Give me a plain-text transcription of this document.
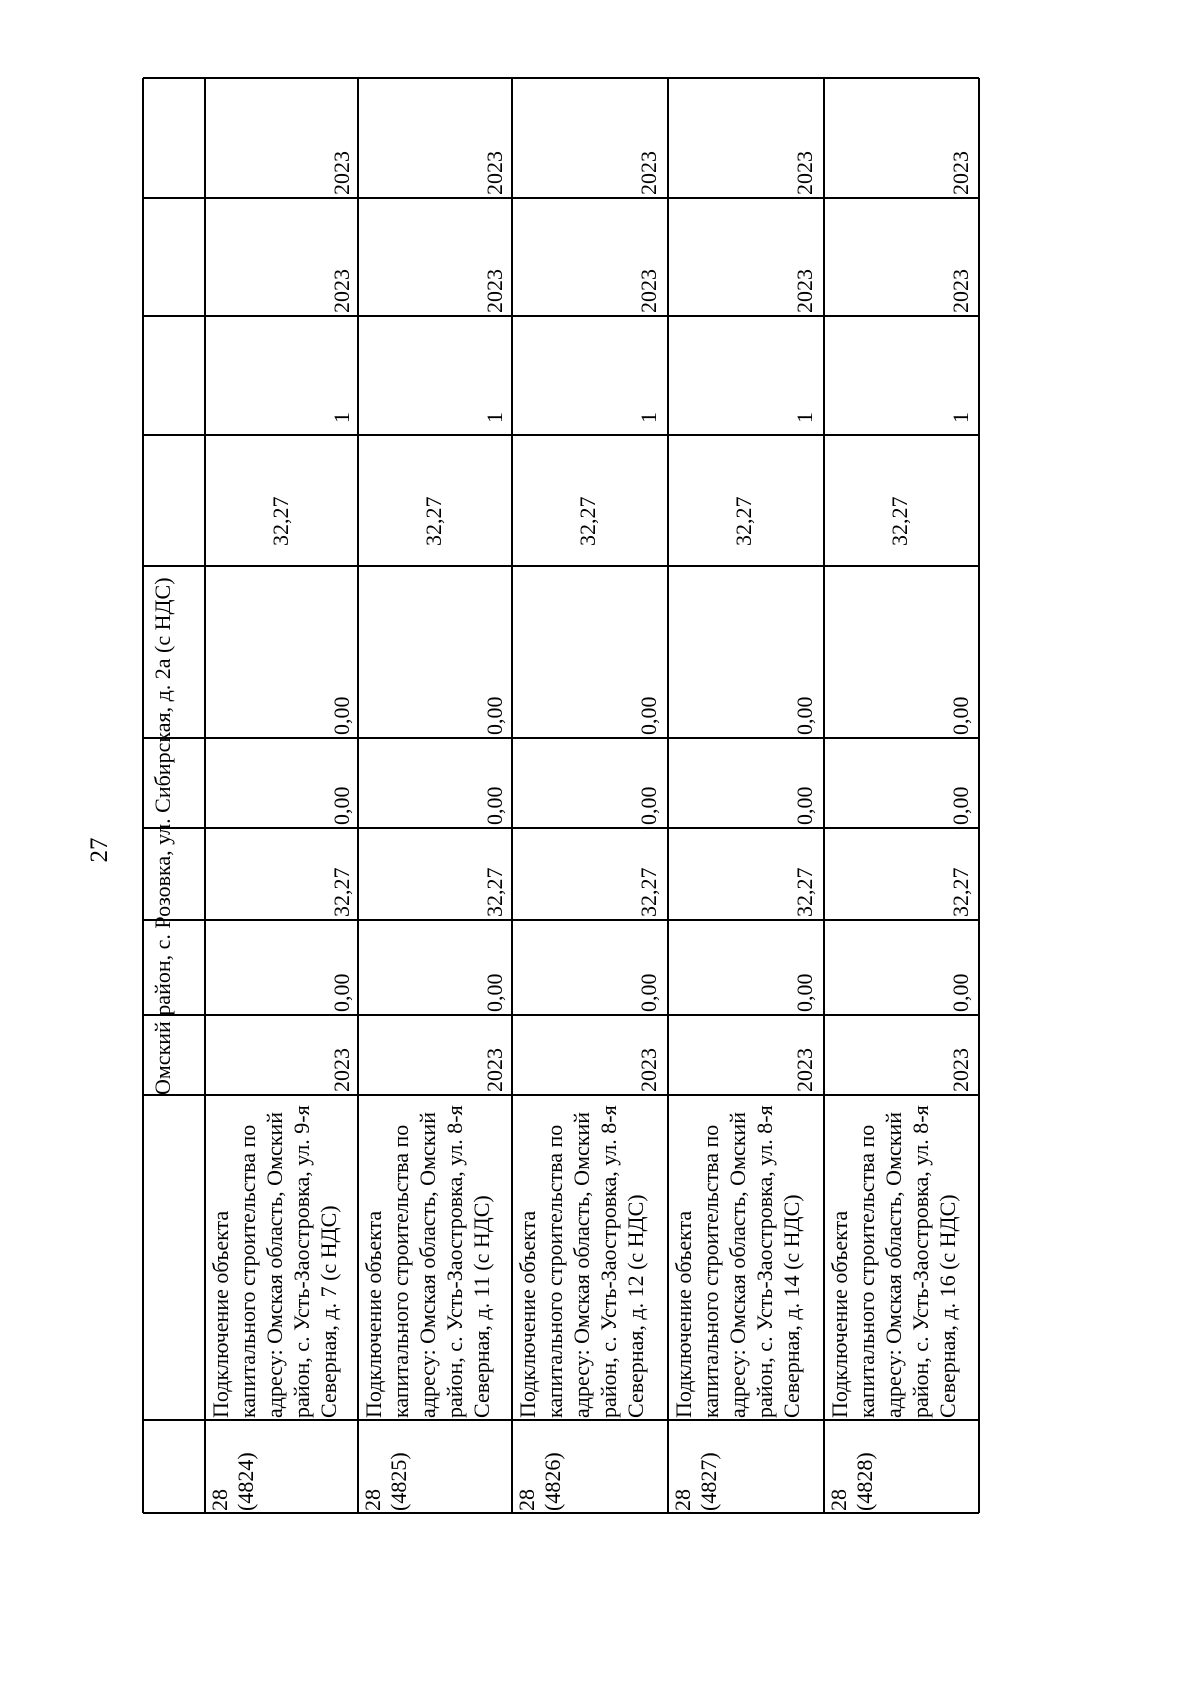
27	Омский район, с. Розовка, ул. Сибирская, д. 2а (с НДС)
28 (4824)
Подключение объекта капитального строительства по адресу: Омская область, Омский район, с. Усть-Заостровка, ул. 9-я Северная, д. 7 (с НДС)
2023
0,00
32,27
0,00
0,00
2023
2023
32,27
1
28 (4825)
Подключение объекта капитального строительства по адресу: Омская область, Омский район, с. Усть-Заостровка, ул. 8-я Северная, д. 11 (с НДС)
2023
0,00
32,27
0,00
0,00
2023
2023
32,27
1
28 (4826)
Подключение объекта капитального строительства по адресу: Омская область, Омский район, с. Усть-Заостровка, ул. 8-я Северная, д. 12 (с НДС)
2023
0,00
32,27
0,00
0,00
2023
2023
32,27
1
28 (4827)
Подключение объекта капитального строительства по адресу: Омская область, Омский район, с. Усть-Заостровка, ул. 8-я Северная, д. 14 (с НДС)
2023
0,00
32,27
0,00
0,00
2023
2023
32,27
1
28 (4828)
Подключение объекта капитального строительства по адресу: Омская область, Омский район, с. Усть-Заостровка, ул. 8-я Северная, д. 16 (с НДС)
2023
0,00
32,27
0,00
0,00
2023
2023
32,27
1
